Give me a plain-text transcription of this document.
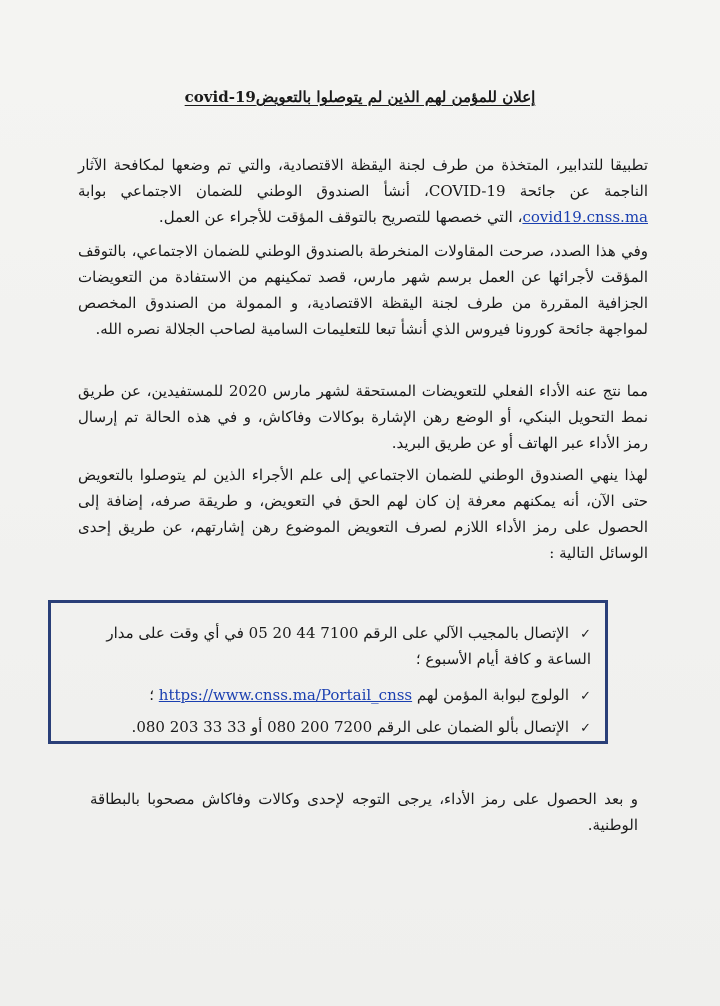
إعلان للمؤمن لهم الذين لم يتوصلوا بالتعويضcovid-19
تطبيقا للتدابير، المتخذة من طرف لجنة اليقظة الاقتصادية، والتي تم وضعها لمكافحة الآثار الناجمة عن جائحة COVID-19، أنشأ الصندوق الوطني للضمان الاجتماعي بوابة covid19.cnss.ma، التي خصصها للتصريح بالتوقف المؤقت للأجراء عن العمل.
وفي هذا الصدد، صرحت المقاولات المنخرطة بالصندوق الوطني للضمان الاجتماعي، بالتوقف المؤقت لأجرائها عن العمل برسم شهر مارس، قصد تمكينهم من الاستفادة من التعويضات الجزافية المقررة من طرف لجنة اليقظة الاقتصادية، و الممولة من الصندوق المخصص لمواجهة جائحة كورونا فيروس الذي أنشأ تبعا للتعليمات السامية لصاحب الجلالة نصره الله.
مما نتج عنه الأداء الفعلي للتعويضات المستحقة لشهر مارس 2020 للمستفيدين، عن طريق نمط التحويل البنكي، أو الوضع رهن الإشارة بوكالات وفاكاش، و في هذه الحالة تم إرسال رمز الأداء عبر الهاتف أو عن طريق البريد.
لهذا ينهي الصندوق الوطني للضمان الاجتماعي إلى علم الأجراء الذين لم يتوصلوا بالتعويض حتى الآن، أنه يمكنهم معرفة إن كان لهم الحق في التعويض، و طريقة صرفه، إضافة إلى الحصول على رمز الأداء اللازم لصرف التعويض الموضوع رهن إشارتهم، عن طريق إحدى الوسائل التالية :
✓الإتصال بالمجيب الآلي على الرقم 7100 44 20 05 في أي وقت على مدار الساعة و كافة أيام الأسبوع ؛
✓الولوج لبوابة المؤمن لهم https://www.cnss.ma/Portail_cnss ؛
✓الإتصال بألو الضمان على الرقم 7200 200 080 أو 33 33 203 080.
و بعد الحصول على رمز الأداء، يرجى التوجه لإحدى وكالات وفاكاش مصحوبا بالبطاقة الوطنية.
